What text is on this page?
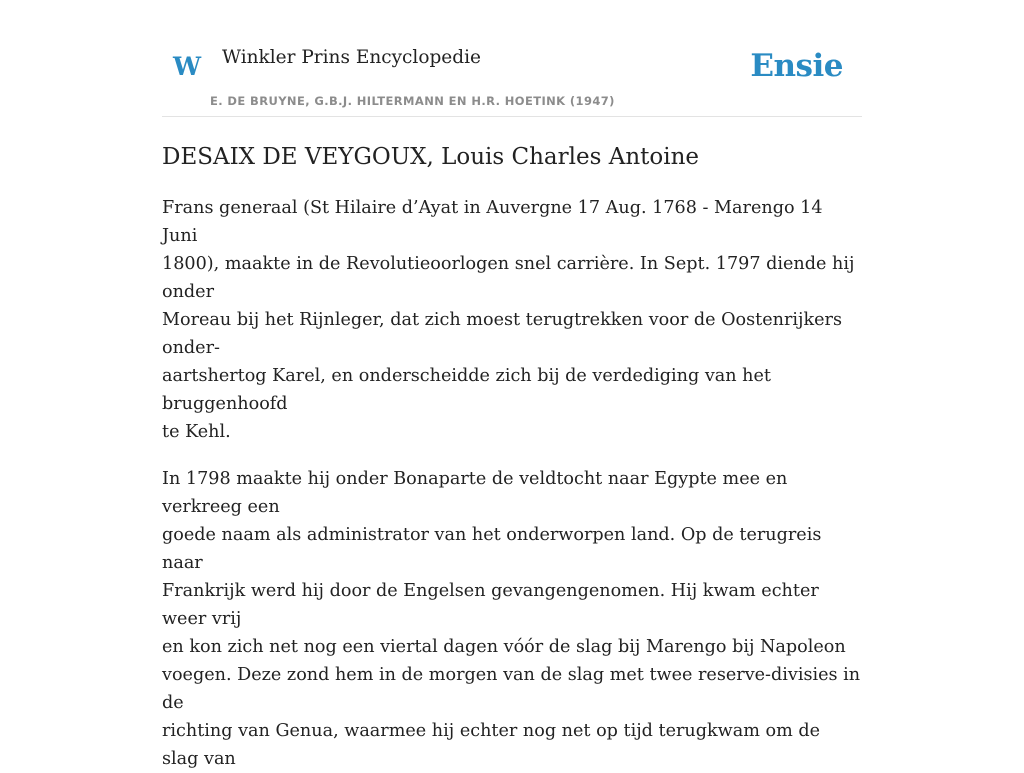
W Winkler Prins Encyclopedie
E. DE BRUYNE, G.B.J. HILTERMANN EN H.R. HOETINK (1947)
Ensie
DESAIX DE VEYGOUX, Louis Charles Antoine

Frans generaal (St Hilaire d’Ayat in Auvergne 17 Aug. 1768 - Marengo 14 Juni
1800), maakte in de Revolutieoorlogen snel carrière. In Sept. 1797 diende hij onder
Moreau bij het Rijnleger, dat zich moest terugtrekken voor de Oostenrijkers onder-
aartshertog Karel, en onderscheidde zich bij de verdediging van het bruggenhoofd
te Kehl.

In 1798 maakte hij onder Bonaparte de veldtocht naar Egypte mee en verkreeg een
goede naam als administrator van het onderworpen land. Op de terugreis naar
Frankrijk werd hij door de Engelsen gevangengenomen. Hij kwam echter weer vrij
en kon zich net nog een viertal dagen vóór de slag bij Marengo bij Napoleon
voegen. Deze zond hem in de morgen van de slag met twee reserve-divisies in de
richting van Genua, waarmee hij echter nog net op tijd terugkwam om de slag van
